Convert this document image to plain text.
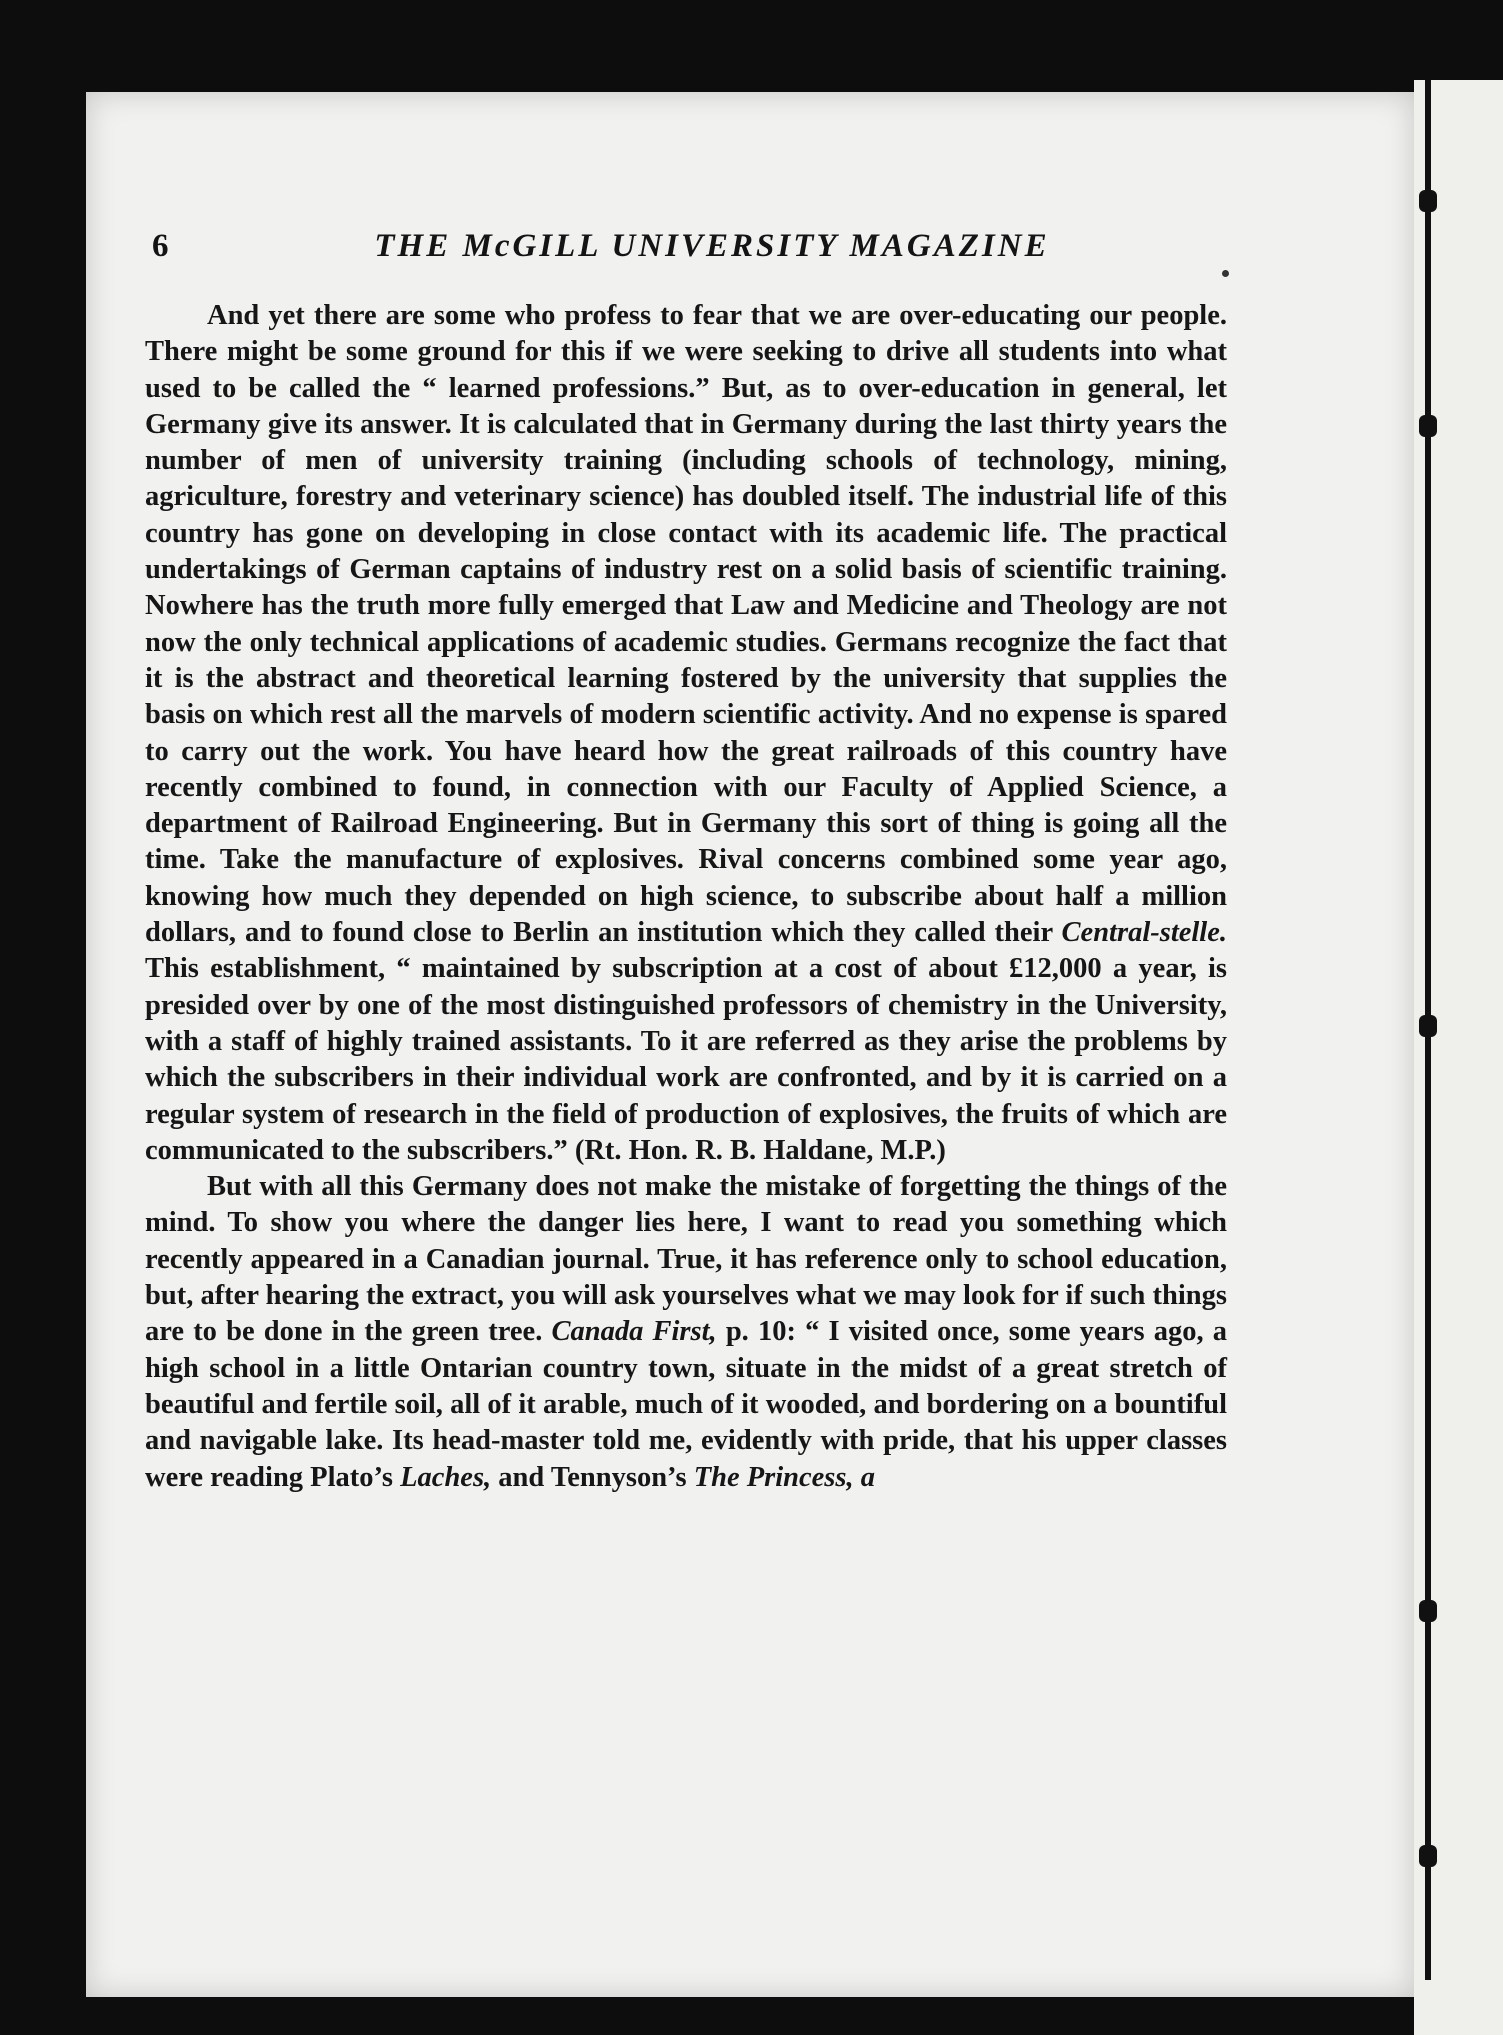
6	THE McGILL UNIVERSITY MAGAZINE

And yet there are some who profess to fear that we are over-educating our people. There might be some ground for this if we were seeking to drive all students into what used to be called the “ learned professions.” But, as to over-education in general, let Germany give its answer. It is calculated that in Germany during the last thirty years the number of men of university training (including schools of technology, mining, agriculture, forestry and veterinary science) has doubled itself. The industrial life of this country has gone on developing in close contact with its academic life. The practical undertakings of German captains of industry rest on a solid basis of scientific training. Nowhere has the truth more fully emerged that Law and Medicine and Theology are not now the only technical applications of academic studies. Germans recognize the fact that it is the abstract and theoretical learning fostered by the university that supplies the basis on which rest all the marvels of modern scientific activity. And no expense is spared to carry out the work. You have heard how the great railroads of this country have recently combined to found, in connection with our Faculty of Applied Science, a department of Railroad Engineering. But in Germany this sort of thing is going all the time. Take the manufacture of explosives. Rival concerns combined some year ago, knowing how much they depended on high science, to subscribe about half a million dollars, and to found close to Berlin an institution which they called their Central-stelle. This establishment, “ maintained by subscription at a cost of about £12,000 a year, is presided over by one of the most distinguished professors of chemistry in the University, with a staff of highly trained assistants. To it are referred as they arise the problems by which the subscribers in their individual work are confronted, and by it is carried on a regular system of research in the field of production of explosives, the fruits of which are communicated to the subscribers.” (Rt. Hon. R. B. Haldane, M.P.)

But with all this Germany does not make the mistake of forgetting the things of the mind. To show you where the danger lies here, I want to read you something which recently appeared in a Canadian journal. True, it has reference only to school education, but, after hearing the extract, you will ask yourselves what we may look for if such things are to be done in the green tree. Canada First, p. 10: “ I visited once, some years ago, a high school in a little Ontarian country town, situate in the midst of a great stretch of beautiful and fertile soil, all of it arable, much of it wooded, and bordering on a bountiful and navigable lake. Its head-master told me, evidently with pride, that his upper classes were reading Plato’s Laches, and Tennyson’s The Princess, a
